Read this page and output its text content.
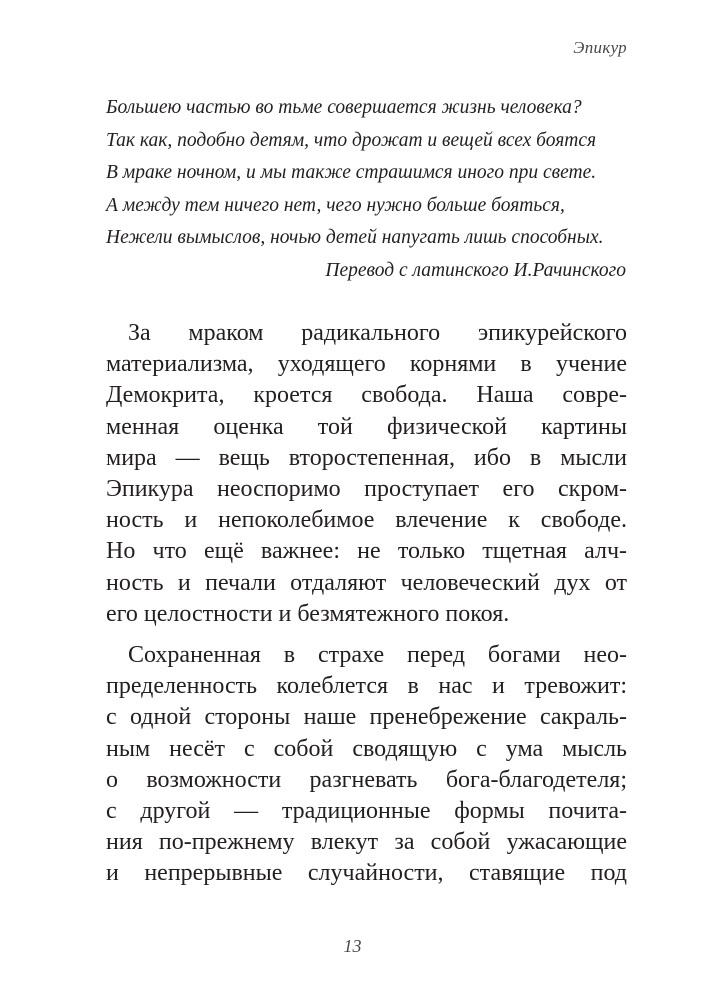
Эпикур
Большею частью во тьме совершается жизнь человека?
Так как, подобно детям, что дрожат и вещей всех боятся
В мраке ночном, и мы также страшимся иного при свете.
А между тем ничего нет, чего нужно больше бояться,
Нежели вымыслов, ночью детей напугать лишь способных.
Перевод с латинского И.Рачинского
За мраком радикального эпикурейского
материализма, уходящего корнями в учение
Демокрита, кроется свобода. Наша совре-
менная оценка той физической картины
мира — вещь второстепенная, ибо в мысли
Эпикура неоспоримо проступает его скром-
ность и непоколебимое влечение к свободе.
Но что ещё важнее: не только тщетная алч-
ность и печали отдаляют человеческий дух от
его целостности и безмятежного покоя.
Сохраненная в страхе перед богами нео-
пределенность колеблется в нас и тревожит:
с одной стороны наше пренебрежение сакраль-
ным несёт с собой сводящую с ума мысль
о возможности разгневать бога-благодетеля;
с другой — традиционные формы почита-
ния по-прежнему влекут за собой ужасающие
и непрерывные случайности, ставящие под
13
